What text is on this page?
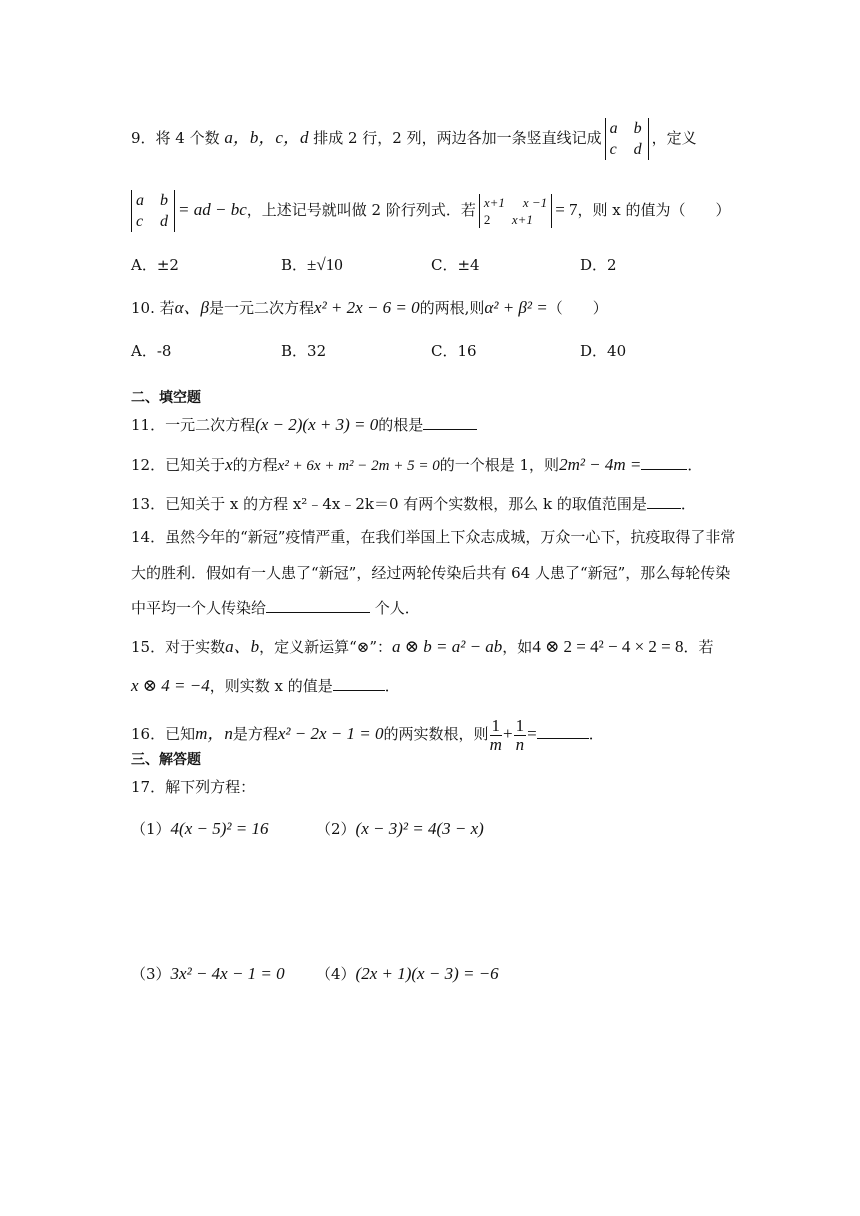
9．将 4 个数 a，b，c，d 排成 2 行，2 列，两边各加一条竖直线记成
a b
c d
，定义
a b
c d
= ad − bc，上述记号就叫做 2 阶行列式．若 x+1 x −1
2 x+1
= 7，则 x 的值为（　　）
A．±2	B．±√10	C．±4	D．2
10. 若α、β是一元二次方程x² + 2x − 6 = 0的两根,则α² + β² =（　　）
A．-8	B．32	C．16	D．40
二、填空题
11．一元二次方程(x − 2)(x + 3) = 0的根是
12．已知关于x的方程x² + 6x + m² − 2m + 5 = 0的一个根是 1，则2m² − 4m =	．
13．已知关于 x 的方程 x²﹣4x﹣2k＝0 有两个实数根，那么 k 的取值范围是 ．
14．虽然今年的“新冠”疫情严重，在我们举国上下众志成城，万众一心下，抗疫取得了非常
大的胜利．假如有一人患了“新冠”，经过两轮传染后共有 64 人患了“新冠”，那么每轮传染
中平均一个人传染给	个人．
15．对于实数a、b，定义新运算“⊗”：a ⊗ b = a² − ab，如4 ⊗ 2 = 4² − 4 × 2 = 8．若
x ⊗ 4 = −4，则实数 x 的值是	．
16．已知m，n是方程x² − 2x − 1 = 0的两实数根，则 $\frac{1}{m} + \frac{1}{n}$ =	．
三、解答题
17．解下列方程：
（1）4(x − 5)² = 16	（2）(x − 3)² = 4(3 − x)
（3）3x² − 4x − 1 = 0 （4）(2x + 1)(x − 3) = −6
